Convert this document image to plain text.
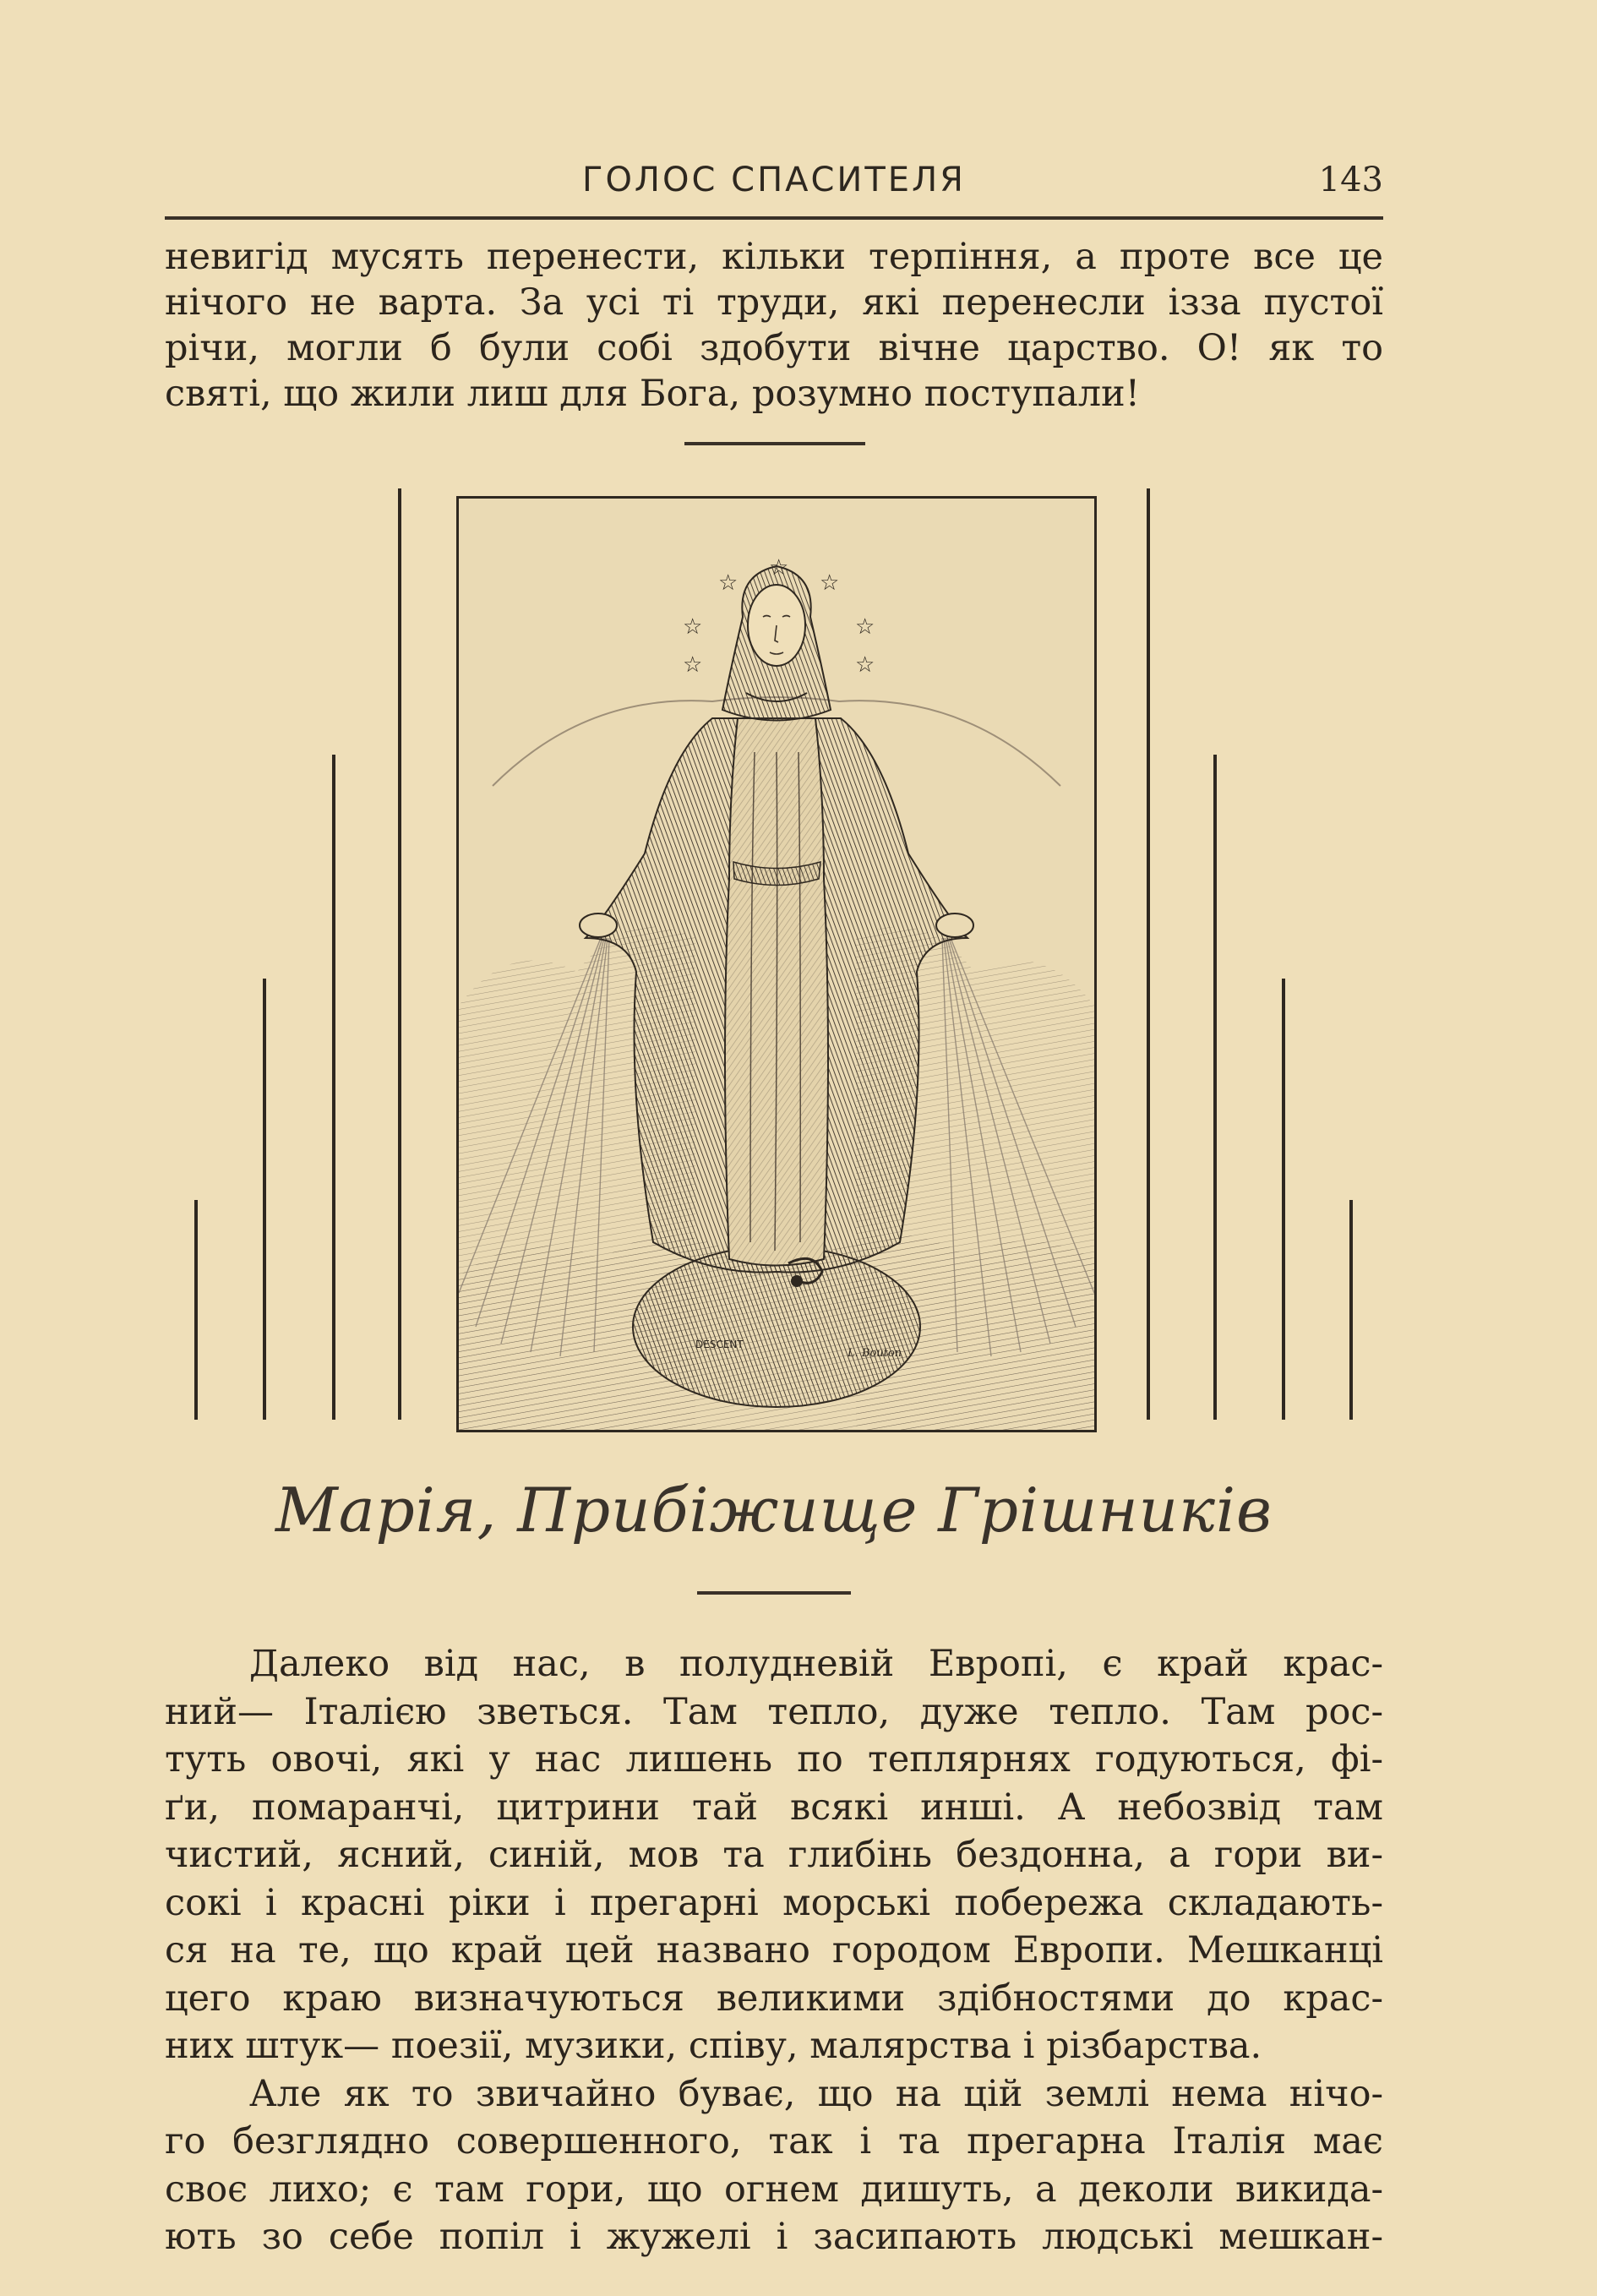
ГОЛОС СПАСИТЕЛЯ	143
невигід мусять перенести, кільки терпіння, а проте все це
нічого не варта. За усі ті труди, які перенесли ізза пустої
річи, могли б були собі здобути вічне царство. О! як то
святі, що жили лиш для Бога, розумно поступали!
☆
☆	☆
☆	☆
☆	☆
DESCENT
L. Bouton
Марія, Прибіжище Грішників
Далеко від нас, в полудневій Европі, є край крас-
ний— Італією зветься. Там тепло, дуже тепло. Там рос-
туть овочі, які у нас лишень по теплярнях годуються, фі-
ґи, помаранчі, цитрини тай всякі инші. А небозвід там
чистий, ясний, синій, мов та глибінь бездонна, а гори ви-
сокі і красні ріки і прегарні морські побережа складають-
ся на те, що край цей названо городом Европи. Мешканці
цего краю визначуються великими здібностями до крас-
них штук— поезії, музики, співу, малярства і різбарства.
Але як то звичайно буває, що на цій землі нема нічо-
го безглядно совершенного, так і та прегарна Італія має
своє лихо; є там гори, що огнем дишуть, а деколи викида-
ють зо себе попіл і жужелі і засипають людські мешкан-
